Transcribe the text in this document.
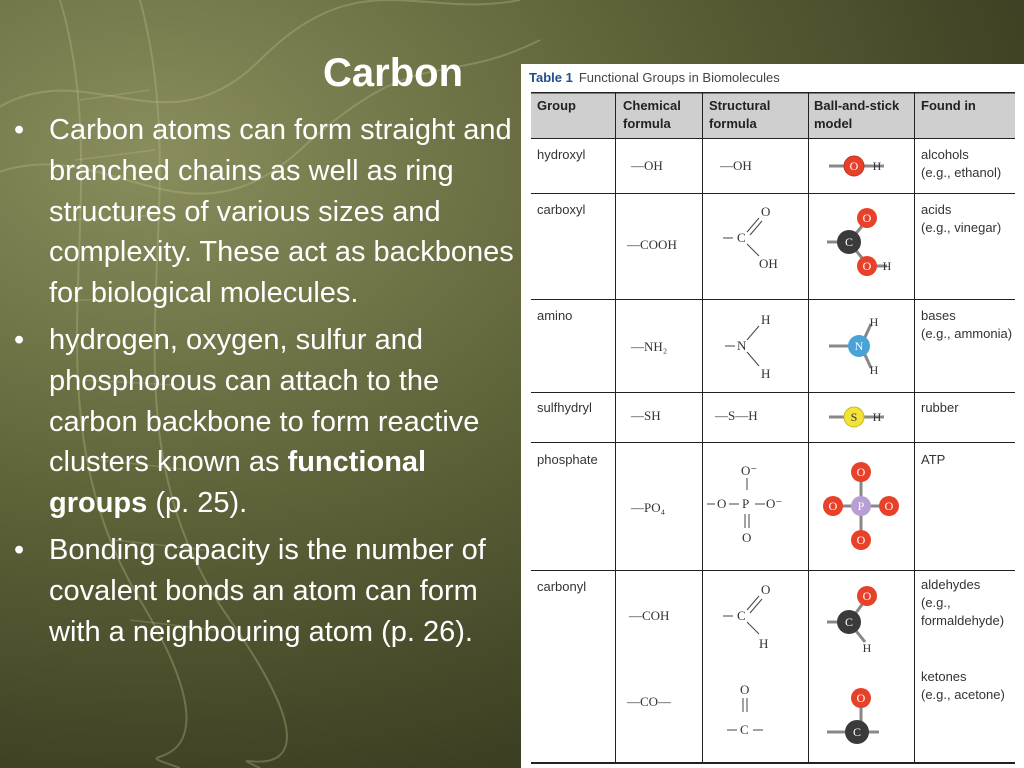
Carbon
• Carbon atoms can form straight and branched chains as well as ring structures of various sizes and complexity. These act as backbones for biological molecules.
• hydrogen, oxygen, sulfur and phosphorous can attach to the carbon backbone to form reactive clusters known as functional groups (p. 25).
• Bonding capacity is the number of covalent bonds an atom can form with a neighbouring atom (p. 26).
Table 1 Functional Groups in Biomolecules
Group	Chemical
formula
Structural
formula
Ball-and-stick
model
Found in
hydroxyl
carboxyl
amino
sulfhydryl
phosphate
carbonyl
—OH
—COOH
—NH₂
—SH
—PO₄
—COH
—CO—
—OH
C
O
OH
N
H
H
—S—H
O P O⁻
O⁻
O
C
O
H
O
C
O H
C
O
O H
N
H
H
S H
P
O
O
O	O
C
O
H
O
C
alcohols
(e.g., ethanol)
acids
(e.g., vinegar)
bases
(e.g., ammonia)
rubber
ATP
aldehydes
(e.g.,
formaldehyde)
ketones
(e.g., acetone)
